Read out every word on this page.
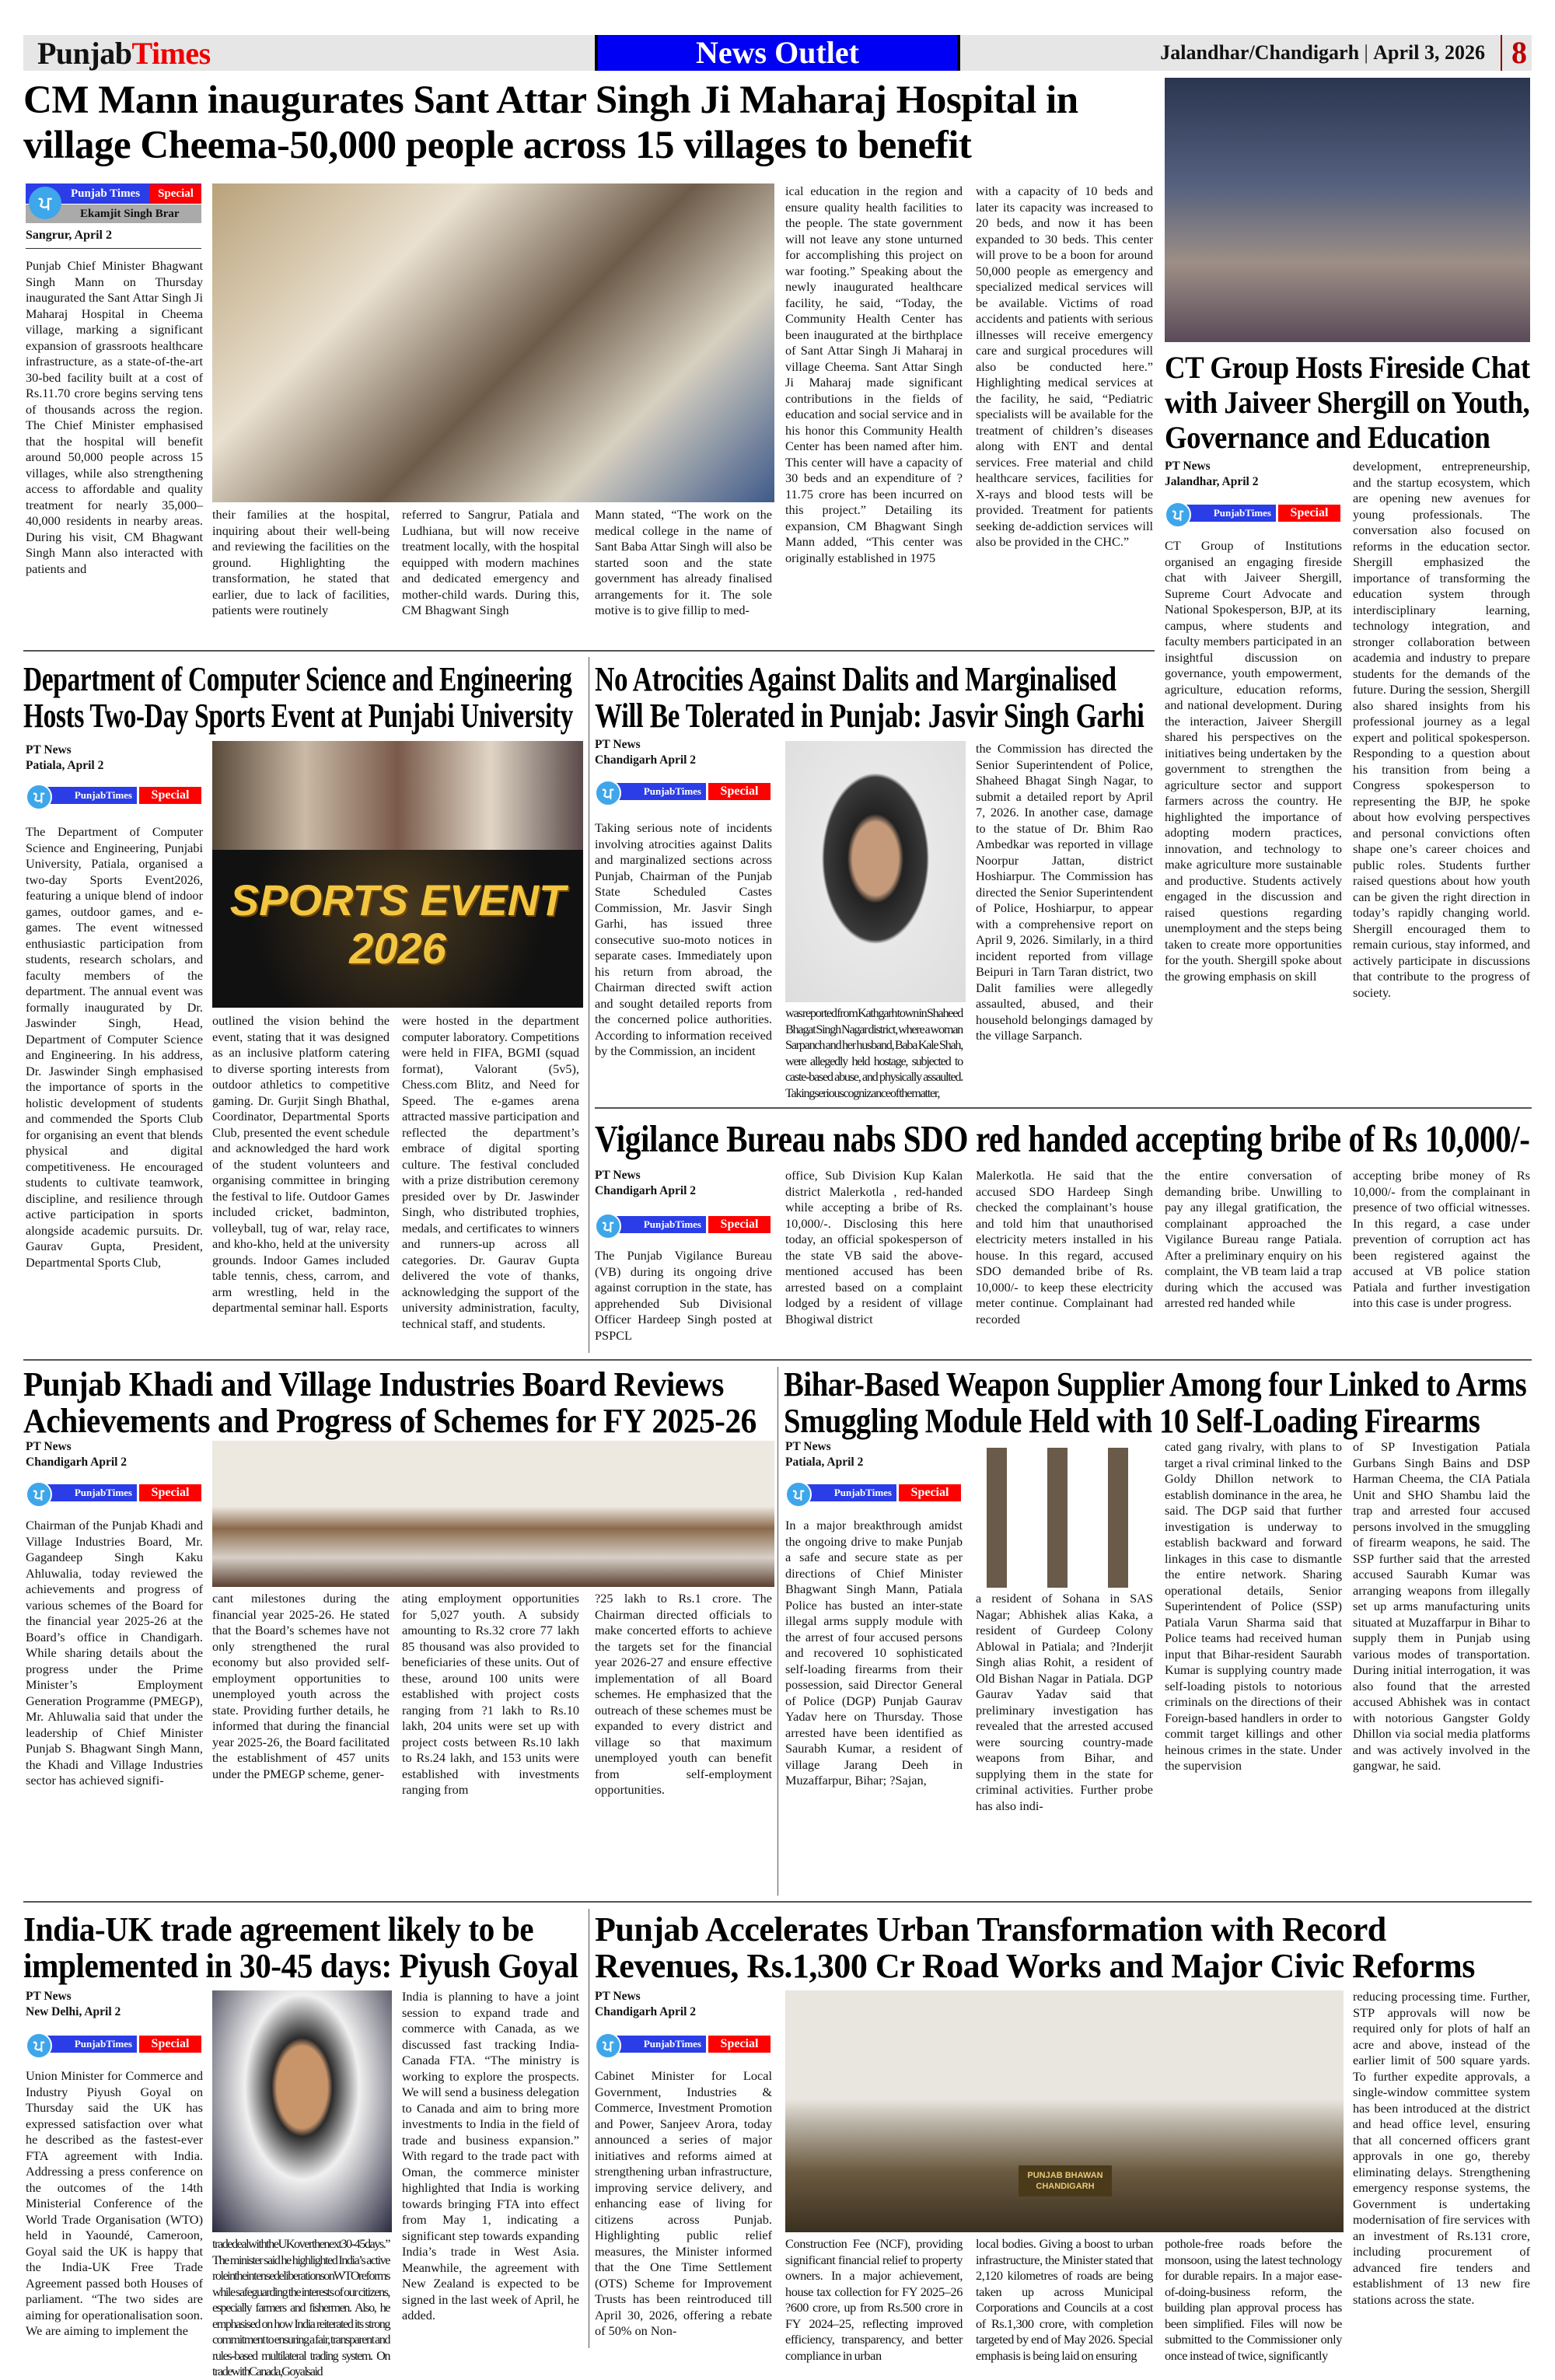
PunjabTimes	News Outlet	Jalandhar/Chandigarh | April 3, 2026 8
CM Mann inaugurates Sant Attar Singh Ji Maharaj Hospital in village Cheema-50,000 people across 15 villages to benefit
ਪ	Punjab Times	Special
Ekamjit Singh Brar
Sangrur, April 2
Punjab Chief Minister Bhagwant Singh Mann on Thursday inaugurated the Sant Attar Singh Ji Maharaj Hospital in Cheema village, marking a significant expansion of grassroots healthcare infrastructure, as a state-of-the-art 30-bed facility built at a cost of Rs.11.70 crore begins serving tens of thousands across the region. The Chief Minister emphasised that the hospital will benefit around 50,000 people across 15 villages, while also strengthening access to affordable and quality treatment for nearly 35,000–40,000 residents in nearby areas. During his visit, CM Bhagwant Singh Mann also interacted with patients and
their families at the hospital, inquiring about their well-being and reviewing the facilities on the ground. Highlighting the transformation, he stated that earlier, due to lack of facilities, patients were routinely
referred to Sangrur, Patiala and Ludhiana, but will now receive treatment locally, with the hospital equipped with modern machines and dedicated emergency and mother-child wards. During this, CM Bhagwant Singh
Mann stated, “The work on the medical college in the name of Sant Baba Attar Singh will also be started soon and the state government has already finalised arrangements for it. The sole motive is to give fillip to med-
ical education in the region and ensure quality health facilities to the people. The state government will not leave any stone unturned for accomplishing this project on war footing.” Speaking about the newly inaugurated healthcare facility, he said, “Today, the Community Health Center has been inaugurated at the birthplace of Sant Attar Singh Ji Maharaj in village Cheema. Sant Attar Singh Ji Maharaj made significant contributions in the fields of education and social service and in his honor this Community Health Center has been named after him. This center will have a capacity of 30 beds and an expenditure of ?11.75 crore has been incurred on this project.” Detailing its expansion, CM Bhagwant Singh Mann added, “This center was originally established in 1975
with a capacity of 10 beds and later its capacity was increased to 20 beds, and now it has been expanded to 30 beds. This center will prove to be a boon for around 50,000 people as emergency and specialized medical services will be available. Victims of road accidents and patients with serious illnesses will receive emergency care and surgical procedures will also be conducted here.” Highlighting medical services at the facility, he said, “Pediatric specialists will be available for the treatment of children’s diseases along with ENT and dental services. Free material and child healthcare services, facilities for X-rays and blood tests will be provided. Treatment for patients seeking de-addiction services will also be provided in the CHC.”
CT Group Hosts Fireside Chat with Jaiveer Shergill on Youth, Governance and Education
PT News
Jalandhar, April 2
ਪ	PunjabTimes	Special
CT Group of Institutions organised an engaging fireside chat with Jaiveer Shergill, Supreme Court Advocate and National Spokesperson, BJP, at its campus, where students and faculty members participated in an insightful discussion on governance, youth empowerment, agriculture, education reforms, and national development. During the interaction, Jaiveer Shergill shared his perspectives on the initiatives being undertaken by the government to strengthen the agriculture sector and support farmers across the country. He highlighted the importance of adopting modern practices, innovation, and technology to make agriculture more sustainable and productive. Students actively engaged in the discussion and raised questions regarding unemployment and the steps being taken to create more opportunities for the youth. Shergill spoke about the growing emphasis on skill
development, entrepreneurship, and the startup ecosystem, which are opening new avenues for young professionals. The conversation also focused on reforms in the education sector. Shergill emphasized the importance of transforming the education system through interdisciplinary learning, technology integration, and stronger collaboration between academia and industry to prepare students for the demands of the future. During the session, Shergill also shared insights from his professional journey as a legal expert and political spokesperson. Responding to a question about his transition from being a Congress spokesperson to representing the BJP, he spoke about how evolving perspectives and personal convictions often shape one’s career choices and public roles. Students further raised questions about how youth can be given the right direction in today’s rapidly changing world. Shergill encouraged them to remain curious, stay informed, and actively participate in discussions that contribute to the progress of society.
Department of Computer Science and Engineering Hosts Two-Day Sports Event at Punjabi University
PT News
Patiala, April 2
ਪ	PunjabTimes	Special
SPORTS EVENT 2026
The Department of Computer Science and Engineering, Punjabi University, Patiala, organised a two-day Sports Event2026, featuring a unique blend of indoor games, outdoor games, and e-games. The event witnessed enthusiastic participation from students, research scholars, and faculty members of the department. The annual event was formally inaugurated by Dr. Jaswinder Singh, Head, Department of Computer Science and Engineering. In his address, Dr. Jaswinder Singh emphasised the importance of sports in the holistic development of students and commended the Sports Club for organising an event that blends physical and digital competitiveness. He encouraged students to cultivate teamwork, discipline, and resilience through active participation in sports alongside academic pursuits. Dr. Gaurav Gupta, President, Departmental Sports Club,
outlined the vision behind the event, stating that it was designed as an inclusive platform catering to diverse sporting interests from outdoor athletics to competitive gaming. Dr. Gurjit Singh Bhathal, Coordinator, Departmental Sports Club, presented the event schedule and acknowledged the hard work of the student volunteers and organising committee in bringing the festival to life. Outdoor Games included cricket, badminton, volleyball, tug of war, relay race, and kho-kho, held at the university grounds. Indoor Games included table tennis, chess, carrom, and arm wrestling, held in the departmental seminar hall. Esports
were hosted in the department computer laboratory. Competitions were held in FIFA, BGMI (squad format), Valorant (5v5), Chess.com Blitz, and Need for Speed. The e-games arena attracted massive participation and reflected the department’s embrace of digital sporting culture. The festival concluded with a prize distribution ceremony presided over by Dr. Jaswinder Singh, who distributed trophies, medals, and certificates to winners and runners-up across all categories. Dr. Gaurav Gupta delivered the vote of thanks, acknowledging the support of the university administration, faculty, technical staff, and students.
No Atrocities Against Dalits and Marginalised Will Be Tolerated in Punjab: Jasvir Singh Garhi
PT News
Chandigarh April 2
ਪ	PunjabTimes	Special
Taking serious note of incidents involving atrocities against Dalits and marginalized sections across Punjab, Chairman of the Punjab State Scheduled Castes Commission, Mr. Jasvir Singh Garhi, has issued three consecutive suo-moto notices in separate cases. Immediately upon his return from abroad, the Chairman directed swift action and sought detailed reports from the concerned police authorities. According to information received by the Commission, an incident
was reported from Kathgarh town in Shaheed Bhagat Singh Nagar district, where a woman Sarpanch and her husband, Baba Kale Shah, were allegedly held hostage, subjected to caste-based abuse, and physically assaulted. Taking serious cognizance of the matter,
the Commission has directed the Senior Superintendent of Police, Shaheed Bhagat Singh Nagar, to submit a detailed report by April 7, 2026. In another case, damage to the statue of Dr. Bhim Rao Ambedkar was reported in village Noorpur Jattan, district Hoshiarpur. The Commission has directed the Senior Superintendent of Police, Hoshiarpur, to appear with a comprehensive report on April 9, 2026. Similarly, in a third incident reported from village Beipuri in Tarn Taran district, two Dalit families were allegedly assaulted, abused, and their household belongings damaged by the village Sarpanch.
Vigilance Bureau nabs SDO red handed accepting bribe of Rs 10,000/-
PT News
Chandigarh April 2
ਪ	PunjabTimes	Special
The Punjab Vigilance Bureau (VB) during its ongoing drive against corruption in the state, has apprehended Sub Divisional Officer Hardeep Singh posted at PSPCL
office, Sub Division Kup Kalan district Malerkotla , red-handed while accepting a bribe of Rs. 10,000/-. Disclosing this here today, an official spokesperson of the state VB said the above-mentioned accused has been arrested based on a complaint lodged by a resident of village Bhogiwal district
Malerkotla. He said that the accused SDO Hardeep Singh checked the complainant’s house and told him that unauthorised electricity meters installed in his house. In this regard, accused SDO demanded bribe of Rs. 10,000/- to keep these electricity meter continue. Complainant had recorded
the entire conversation of demanding bribe. Unwilling to pay any illegal gratification, the complainant approached the Vigilance Bureau range Patiala. After a preliminary enquiry on his complaint, the VB team laid a trap during which the accused was arrested red handed while
accepting bribe money of Rs 10,000/- from the complainant in presence of two official witnesses. In this regard, a case under prevention of corruption act has been registered against the accused at VB police station Patiala and further investigation into this case is under progress.
Punjab Khadi and Village Industries Board Reviews Achievements and Progress of Schemes for FY 2025-26
PT News
Chandigarh April 2
ਪ	PunjabTimes	Special
Chairman of the Punjab Khadi and Village Industries Board, Mr. Gagandeep Singh Kaku Ahluwalia, today reviewed the achievements and progress of various schemes of the Board for the financial year 2025-26 at the Board’s office in Chandigarh. While sharing details about the progress under the Prime Minister’s Employment Generation Programme (PMEGP), Mr. Ahluwalia said that under the leadership of Chief Minister Punjab S. Bhagwant Singh Mann, the Khadi and Village Industries sector has achieved signifi-
cant milestones during the financial year 2025-26. He stated that the Board’s schemes have not only strengthened the rural economy but also provided self-employment opportunities to unemployed youth across the state. Providing further details, he informed that during the financial year 2025-26, the Board facilitated the establishment of 457 units under the PMEGP scheme, gener-
ating employment opportunities for 5,027 youth. A subsidy amounting to Rs.32 crore 77 lakh 85 thousand was also provided to beneficiaries of these units. Out of these, around 100 units were established with project costs ranging from ?1 lakh to Rs.10 lakh, 204 units were set up with project costs between Rs.10 lakh to Rs.24 lakh, and 153 units were established with investments ranging from
?25 lakh to Rs.1 crore. The Chairman directed officials to make concerted efforts to achieve the targets set for the financial year 2026-27 and ensure effective implementation of all Board schemes. He emphasized that the outreach of these schemes must be expanded to every district and village so that maximum unemployed youth can benefit from self-employment opportunities.
Bihar-Based Weapon Supplier Among four Linked to Arms Smuggling Module Held with 10 Self-Loading Firearms
PT News
Patiala, April 2
ਪ	PunjabTimes	Special
In a major breakthrough amidst the ongoing drive to make Punjab a safe and secure state as per directions of Chief Minister Bhagwant Singh Mann, Patiala Police has busted an inter-state illegal arms supply module with the arrest of four accused persons and recovered 10 sophisticated self-loading firearms from their possession, said Director General of Police (DGP) Punjab Gaurav Yadav here on Thursday. Those arrested have been identified as Saurabh Kumar, a resident of village Jarang Deeh in Muzaffarpur, Bihar; ?Sajan,
a resident of Sohana in SAS Nagar; Abhishek alias Kaka, a resident of Gurdeep Colony Ablowal in Patiala; and ?Inderjit Singh alias Rohit, a resident of Old Bishan Nagar in Patiala. DGP Gaurav Yadav said that preliminary investigation has revealed that the arrested accused were sourcing country-made weapons from Bihar, and supplying them in the state for criminal activities. Further probe has also indi-
cated gang rivalry, with plans to target a rival criminal linked to the Goldy Dhillon network to establish dominance in the area, he said. The DGP said that further investigation is underway to establish backward and forward linkages in this case to dismantle the entire network. Sharing operational details, Senior Superintendent of Police (SSP) Patiala Varun Sharma said that Police teams had received human input that Bihar-resident Saurabh Kumar is supplying country made self-loading pistols to notorious criminals on the directions of their Foreign-based handlers in order to commit target killings and other heinous crimes in the state. Under the supervision
of SP Investigation Patiala Gurbans Singh Bains and DSP Harman Cheema, the CIA Patiala Unit and SHO Shambu laid the trap and arrested four accused persons involved in the smuggling of firearm weapons, he said. The SSP further said that the arrested accused Saurabh Kumar was arranging weapons from illegally set up arms manufacturing units situated at Muzaffarpur in Bihar to supply them in Punjab using various modes of transportation. During initial interrogation, it was also found that the arrested accused Abhishek was in contact with notorious Gangster Goldy Dhillon via social media platforms and was actively involved in the gangwar, he said.
India-UK trade agreement likely to be implemented in 30-45 days: Piyush Goyal
PT News
New Delhi, April 2
ਪ	PunjabTimes	Special
Union Minister for Commerce and Industry Piyush Goyal on Thursday said the UK has expressed satisfaction over what he described as the fastest-ever FTA agreement with India. Addressing a press conference on the outcomes of the 14th Ministerial Conference of the World Trade Organisation (WTO) held in Yaoundé, Cameroon, Goyal said the UK is happy that the India-UK Free Trade Agreement passed both Houses of parliament. “The two sides are aiming for operationalisation soon. We are aiming to implement the
trade deal with the UK over the next 30-45 days.” The minister said he highlighted India’s active role in the intense deliberations on WTO reforms while safeguarding the interests of our citizens, especially farmers and fishermen. Also, he emphasised on how India reiterated its strong commitment to ensuring a fair, transparent and rules-based multilateral trading system. On trade with Canada, Goyal said
India is planning to have a joint session to expand trade and commerce with Canada, as we discussed fast tracking India-Canada FTA. “The ministry is working to explore the prospects. We will send a business delegation to Canada and aim to bring more investments to India in the field of trade and business expansion.” With regard to the trade pact with Oman, the commerce minister highlighted that India is working towards bringing FTA into effect from May 1, indicating a significant step towards expanding India’s trade in West Asia. Meanwhile, the agreement with New Zealand is expected to be signed in the last week of April, he added.
Punjab Accelerates Urban Transformation with Record Revenues, Rs.1,300 Cr Road Works and Major Civic Reforms
PT News
Chandigarh April 2
ਪ	PunjabTimes	Special
PUNJAB BHAWAN CHANDIGARH
Cabinet Minister for Local Government, Industries & Commerce, Investment Promotion and Power, Sanjeev Arora, today announced a series of major initiatives and reforms aimed at strengthening urban infrastructure, improving service delivery, and enhancing ease of living for citizens across Punjab. Highlighting public relief measures, the Minister informed that the One Time Settlement (OTS) Scheme for Improvement Trusts has been reintroduced till April 30, 2026, offering a rebate of 50% on Non-
Construction Fee (NCF), providing significant financial relief to property owners. In a major achievement, house tax collection for FY 2025–26 ?600 crore, up from Rs.500 crore in FY 2024–25, reflecting improved efficiency, transparency, and better compliance in urban
local bodies. Giving a boost to urban infrastructure, the Minister stated that 2,120 kilometres of roads are being taken up across Municipal Corporations and Councils at a cost of Rs.1,300 crore, with completion targeted by end of May 2026. Special emphasis is being laid on ensuring
pothole-free roads before the monsoon, using the latest technology for durable repairs. In a major ease-of-doing-business reform, the building plan approval process has been simplified. Files will now be submitted to the Commissioner only once instead of twice, significantly
reducing processing time. Further, STP approvals will now be required only for plots of half an acre and above, instead of the earlier limit of 500 square yards. To further expedite approvals, a single-window committee system has been introduced at the district and head office level, ensuring that all concerned officers grant approvals in one go, thereby eliminating delays. Strengthening emergency response systems, the Government is undertaking modernisation of fire services with an investment of Rs.131 crore, including procurement of advanced fire tenders and establishment of 13 new fire stations across the state.
